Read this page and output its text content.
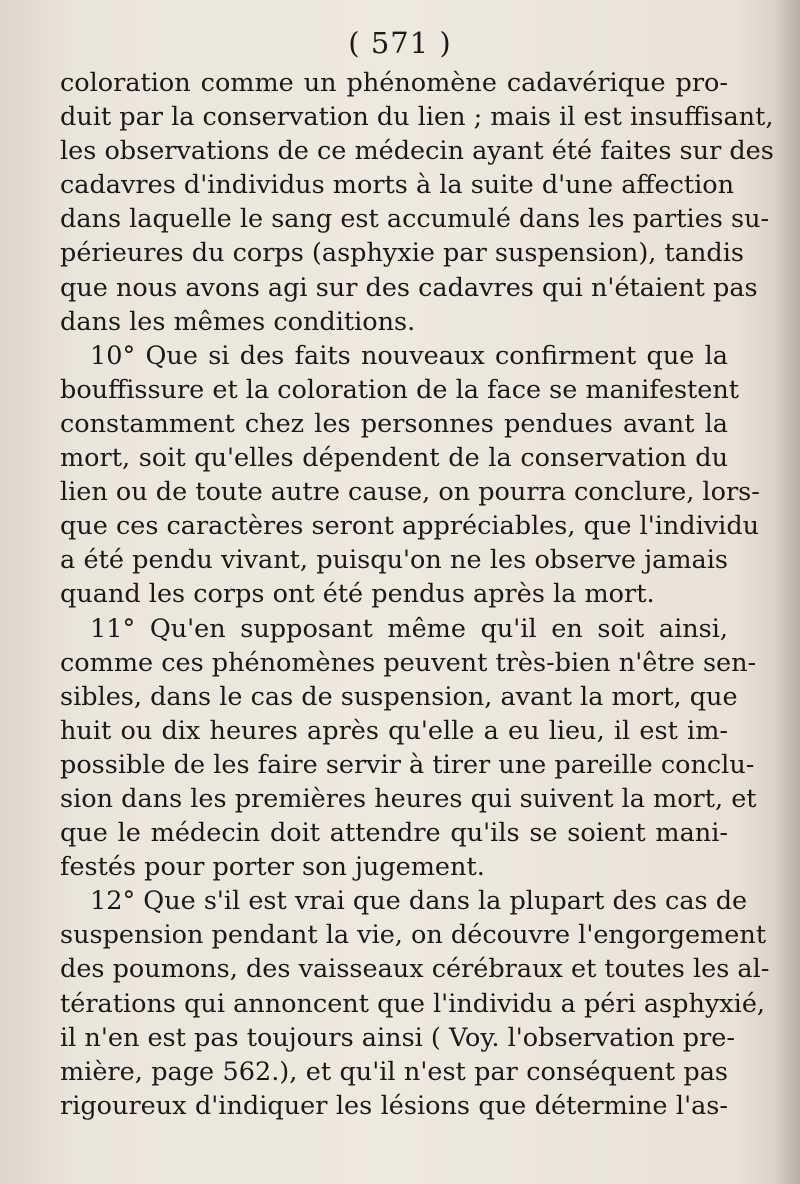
( 571 )
coloration comme un phénomène cadavérique pro-
duit par la conservation du lien ; mais il est insuffisant,
les observations de ce médecin ayant été faites sur des
cadavres d'individus morts à la suite d'une affection
dans laquelle le sang est accumulé dans les parties su-
périeures du corps (asphyxie par suspension), tandis
que nous avons agi sur des cadavres qui n'étaient pas
dans les mêmes conditions.
10° Que si des faits nouveaux confirment que la
bouffissure et la coloration de la face se manifestent
constamment chez les personnes pendues avant la
mort, soit qu'elles dépendent de la conservation du
lien ou de toute autre cause, on pourra conclure, lors-
que ces caractères seront appréciables, que l'individu
a été pendu vivant, puisqu'on ne les observe jamais
quand les corps ont été pendus après la mort.
11° Qu'en supposant même qu'il en soit ainsi,
comme ces phénomènes peuvent très-bien n'être sen-
sibles, dans le cas de suspension, avant la mort, que
huit ou dix heures après qu'elle a eu lieu, il est im-
possible de les faire servir à tirer une pareille conclu-
sion dans les premières heures qui suivent la mort, et
que le médecin doit attendre qu'ils se soient mani-
festés pour porter son jugement.
12° Que s'il est vrai que dans la plupart des cas de
suspension pendant la vie, on découvre l'engorgement
des poumons, des vaisseaux cérébraux et toutes les al-
térations qui annoncent que l'individu a péri asphyxié,
il n'en est pas toujours ainsi ( Voy. l'observation pre-
mière, page 562.), et qu'il n'est par conséquent pas
rigoureux d'indiquer les lésions que détermine l'as-
